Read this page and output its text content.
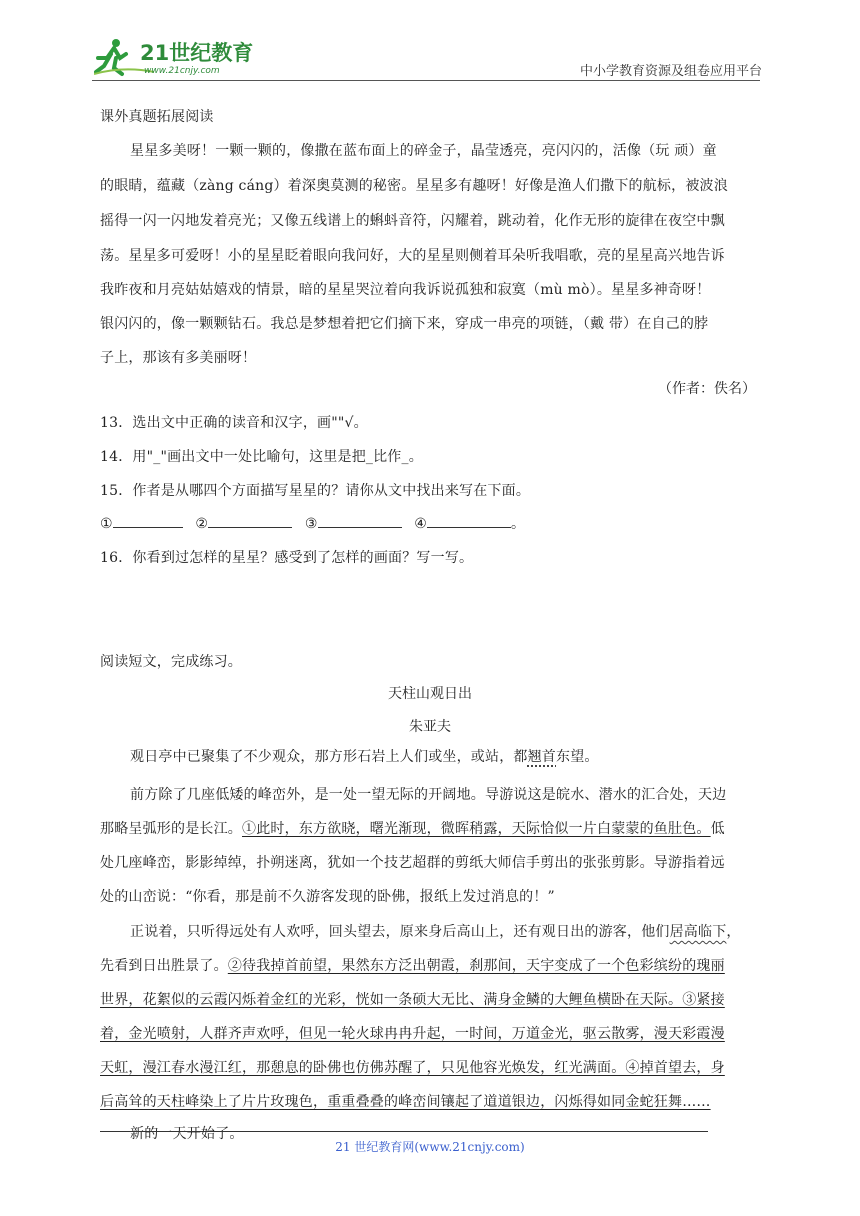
21世纪教育
www.21cnjy.com	中小学教育资源及组卷应用平台
课外真题拓展阅读
星星多美呀！一颗一颗的，像撒在蓝布面上的碎金子，晶莹透亮，亮闪闪的，活像（玩 顽）童
的眼睛，蕴藏（zàng cáng）着深奥莫测的秘密。星星多有趣呀！好像是渔人们撒下的航标，被波浪
摇得一闪一闪地发着亮光；又像五线谱上的蝌蚪音符，闪耀着，跳动着，化作无形的旋律在夜空中飘
荡。星星多可爱呀！小的星星眨着眼向我问好，大的星星则侧着耳朵听我唱歌，亮的星星高兴地告诉
我昨夜和月亮姑姑嬉戏的情景，暗的星星哭泣着向我诉说孤独和寂寞（mù mò）。星星多神奇呀！
银闪闪的，像一颗颗钻石。我总是梦想着把它们摘下来，穿成一串亮的项链，（戴 带）在自己的脖
子上，那该有多美丽呀！
（作者：佚名）
13．选出文中正确的读音和汉字，画""√。
14．用"_"画出文中一处比喻句，这里是把_比作_。
15．作者是从哪四个方面描写星星的？请你从文中找出来写在下面。
①	②	③	④	。
16．你看到过怎样的星星？感受到了怎样的画面？写一写。
阅读短文，完成练习。
天柱山观日出
朱亚夫
观日亭中已聚集了不少观众，那方形石岩上人们或坐，或站，都翘首东望。
前方除了几座低矮的峰峦外，是一处一望无际的开阔地。导游说这是皖水、潜水的汇合处，天边
那略呈弧形的是长江。①此时，东方欲晓，曙光渐现，微晖稍露，天际恰似一片白蒙蒙的鱼肚色。低
处几座峰峦，影影绰绰，扑朔迷离，犹如一个技艺超群的剪纸大师信手剪出的张张剪影。导游指着远
处的山峦说：“你看，那是前不久游客发现的卧佛，报纸上发过消息的！”
正说着，只听得远处有人欢呼，回头望去，原来身后高山上，还有观日出的游客，他们居高临下，
先看到日出胜景了。②待我掉首前望，果然东方泛出朝霞，刹那间，天宇变成了一个色彩缤纷的瑰丽
世界，花絮似的云霞闪烁着金红的光彩，恍如一条硕大无比、满身金鳞的大鲤鱼横卧在天际。③紧接
着，金光喷射，人群齐声欢呼，但见一轮火球冉冉升起，一时间，万道金光，驱云散雾，漫天彩霞漫
天虹，漫江春水漫江红，那憩息的卧佛也仿佛苏醒了，只见他容光焕发，红光满面。④掉首望去，身
后高耸的天柱峰染上了片片玫瑰色，重重叠叠的峰峦间镶起了道道银边，闪烁得如同金蛇狂舞……
新的一天开始了。
21 世纪教育网(www.21cnjy.com)
